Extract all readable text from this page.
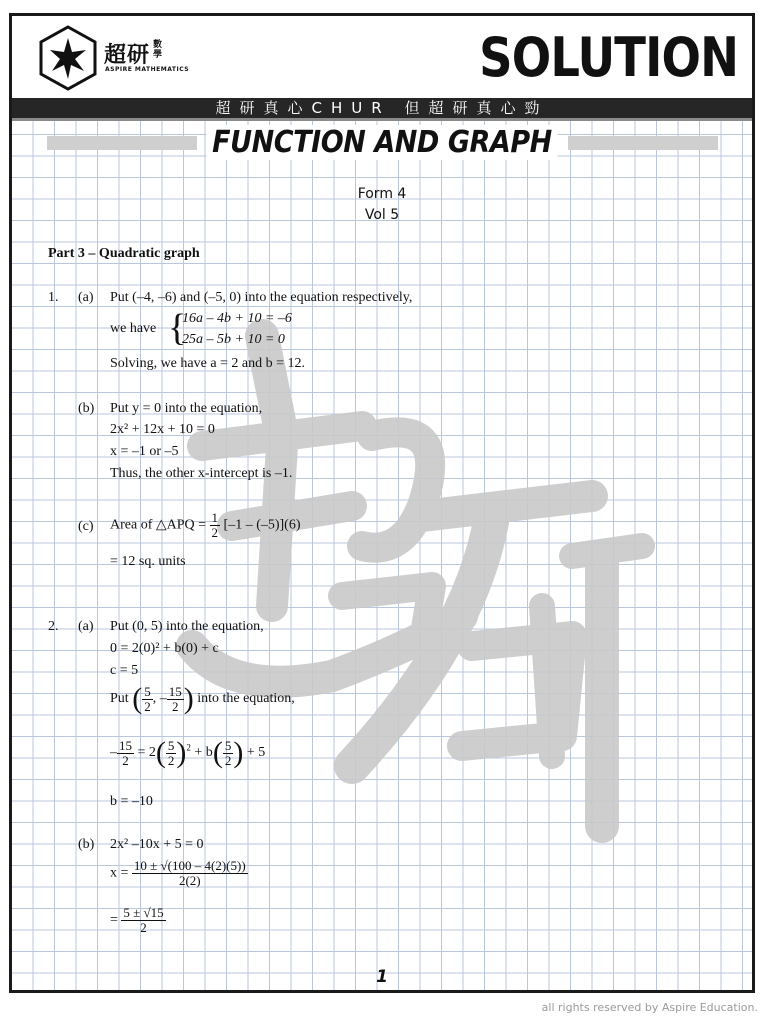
超研 數學
ASPIRE MATHEMATICS	SOLUTION
超研真心CHUR 但超研真心勁
FUNCTION AND GRAPH
Form 4
Vol 5
Part 3 – Quadratic graph
1. (a) Put (–4, –6) and (–5, 0) into the equation respectively,
we have {
16a – 4b + 10 = –6
25a – 5b + 10 = 0
Solving, we have a = 2 and b = 12.
(b) Put y = 0 into the equation,
2x² + 12x + 10 = 0
x = –1 or –5
Thus, the other x-intercept is –1.
(c) Area of △APQ = $\frac{1}{2} [-1 - (-5)](6)$
= 12 sq. units
2. (a) Put (0, 5) into the equation,
0 = 2(0)² + b(0) + c
c = 5
Put ( $\frac{5}{2}$ , – $\frac{15}{2}$ ) into the equation,
– $\frac{15}{2} = 2( \frac{5}{2} )^2 + b( \frac{5}{2}$ ) + 5
b = –10
(b) 2x² –10x + 5 = 0
$x = \frac{10 \pm √(100 - 4(2)(5))}{2(2)}$
= $\frac{5 \pm √15}{2}$
1
all rights reserved by Aspire Education.
